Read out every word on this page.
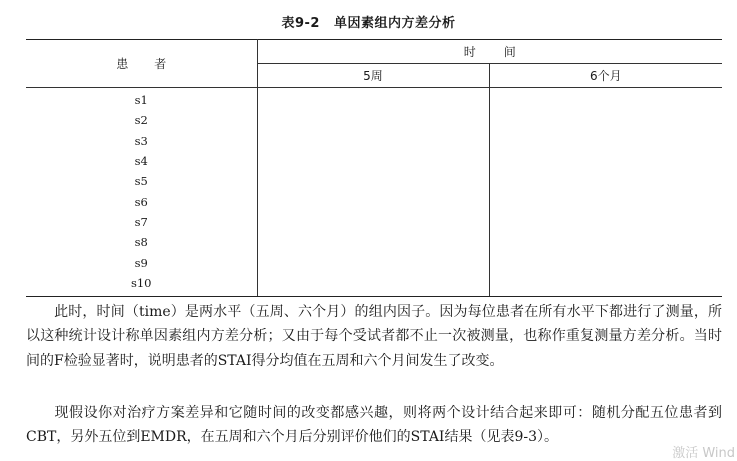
表9-2 单因素组内方差分析
患者	时间	
	5周	6个月
s1		
s2		
s3		
s4		
s5		
s6		
s7		
s8		
s9		
s10		
此时，时间（time）是两水平（五周、六个月）的组内因子。因为每位患者在所有水平下都进行了测量，所以这种统计设计称单因素组内方差分析；又由于每个受试者都不止一次被测量，也称作重复测量方差分析。当时间的F检验显著时，说明患者的STAI得分均值在五周和六个月间发生了改变。
现假设你对治疗方案差异和它随时间的改变都感兴趣，则将两个设计结合起来即可：随机分配五位患者到CBT，另外五位到EMDR，在五周和六个月后分别评价他们的STAI结果（见表9-3）。
激活 Wind
